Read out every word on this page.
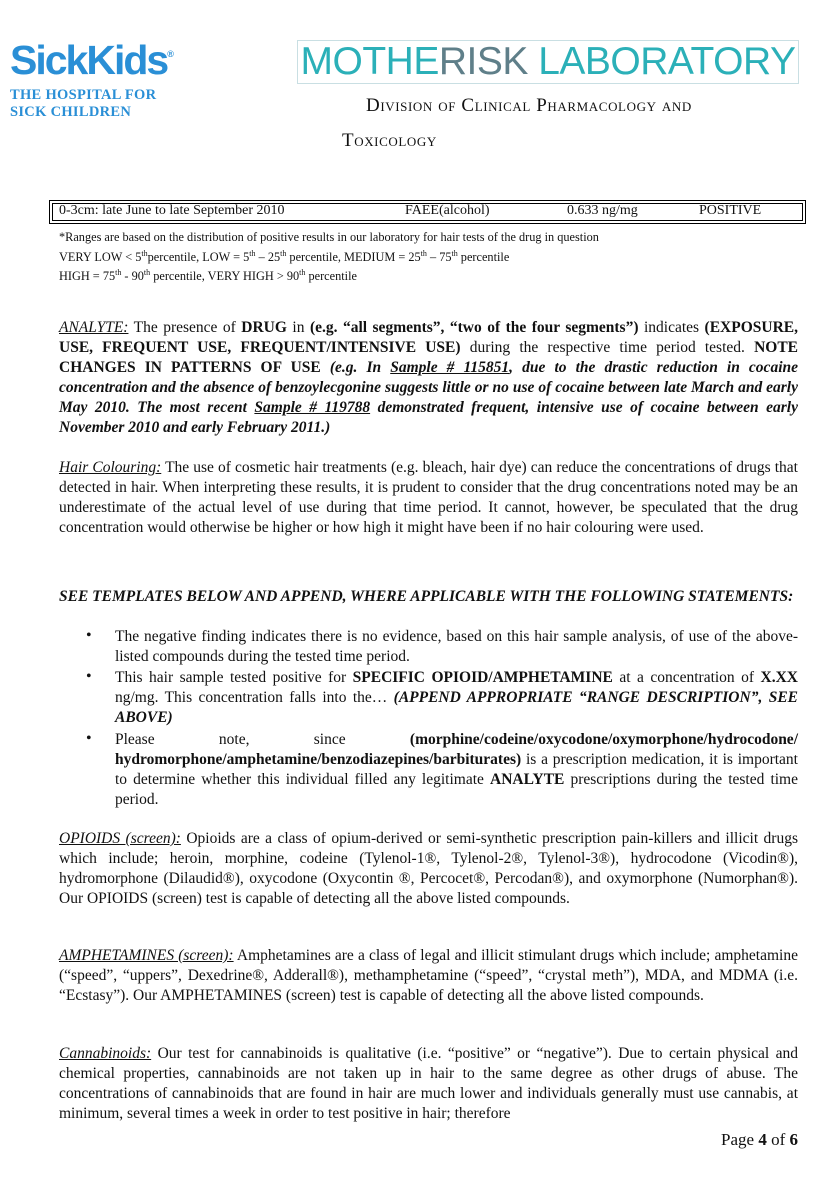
SickKids®
THE HOSPITAL FOR
SICK CHILDREN
MOTHERISK LABORATORY
Division of Clinical Pharmacology and
Toxicology
0-3cm: late June to late September 2010	FAEE(alcohol)	0.633 ng/mg	POSITIVE
*Ranges are based on the distribution of positive results in our laboratory for hair tests of the drug in question
VERY LOW < 5thpercentile, LOW = 5th – 25th percentile, MEDIUM = 25th – 75th percentile
HIGH = 75th - 90th percentile, VERY HIGH > 90th percentile
ANALYTE: The presence of DRUG in (e.g. “all segments”, “two of the four segments”) indicates (EXPOSURE, USE, FREQUENT USE, FREQUENT/INTENSIVE USE) during the respective time period tested. NOTE CHANGES IN PATTERNS OF USE (e.g. In Sample # 115851, due to the drastic reduction in cocaine concentration and the absence of benzoylecgonine suggests little or no use of cocaine between late March and early May 2010. The most recent Sample # 119788 demonstrated frequent, intensive use of cocaine between early November 2010 and early February 2011.)
Hair Colouring: The use of cosmetic hair treatments (e.g. bleach, hair dye) can reduce the concentrations of drugs that detected in hair. When interpreting these results, it is prudent to consider that the drug concentrations noted may be an underestimate of the actual level of use during that time period. It cannot, however, be speculated that the drug concentration would otherwise be higher or how high it might have been if no hair colouring were used.
SEE TEMPLATES BELOW AND APPEND, WHERE APPLICABLE WITH THE FOLLOWING STATEMENTS:
• The negative finding indicates there is no evidence, based on this hair sample analysis, of use of the above-listed compounds during the tested time period.
• This hair sample tested positive for SPECIFIC OPIOID/AMPHETAMINE at a concentration of X.XX ng/mg. This concentration falls into the… (APPEND APPROPRIATE “RANGE DESCRIPTION”, SEE ABOVE)
• Please note, since (morphine/codeine/oxycodone/oxymorphone/hydrocodone/ hydromorphone/amphetamine/benzodiazepines/barbiturates) is a prescription medication, it is important to determine whether this individual filled any legitimate ANALYTE prescriptions during the tested time period.
OPIOIDS (screen): Opioids are a class of opium-derived or semi-synthetic prescription pain-killers and illicit drugs which include; heroin, morphine, codeine (Tylenol-1®, Tylenol-2®, Tylenol-3®), hydrocodone (Vicodin®), hydromorphone (Dilaudid®), oxycodone (Oxycontin ®, Percocet®, Percodan®), and oxymorphone (Numorphan®). Our OPIOIDS (screen) test is capable of detecting all the above listed compounds.
AMPHETAMINES (screen): Amphetamines are a class of legal and illicit stimulant drugs which include; amphetamine (“speed”, “uppers”, Dexedrine®, Adderall®), methamphetamine (“speed”, “crystal meth”), MDA, and MDMA (i.e. “Ecstasy”). Our AMPHETAMINES (screen) test is capable of detecting all the above listed compounds.
Cannabinoids: Our test for cannabinoids is qualitative (i.e. “positive” or “negative”). Due to certain physical and chemical properties, cannabinoids are not taken up in hair to the same degree as other drugs of abuse. The concentrations of cannabinoids that are found in hair are much lower and individuals generally must use cannabis, at minimum, several times a week in order to test positive in hair; therefore
Page 4 of 6
